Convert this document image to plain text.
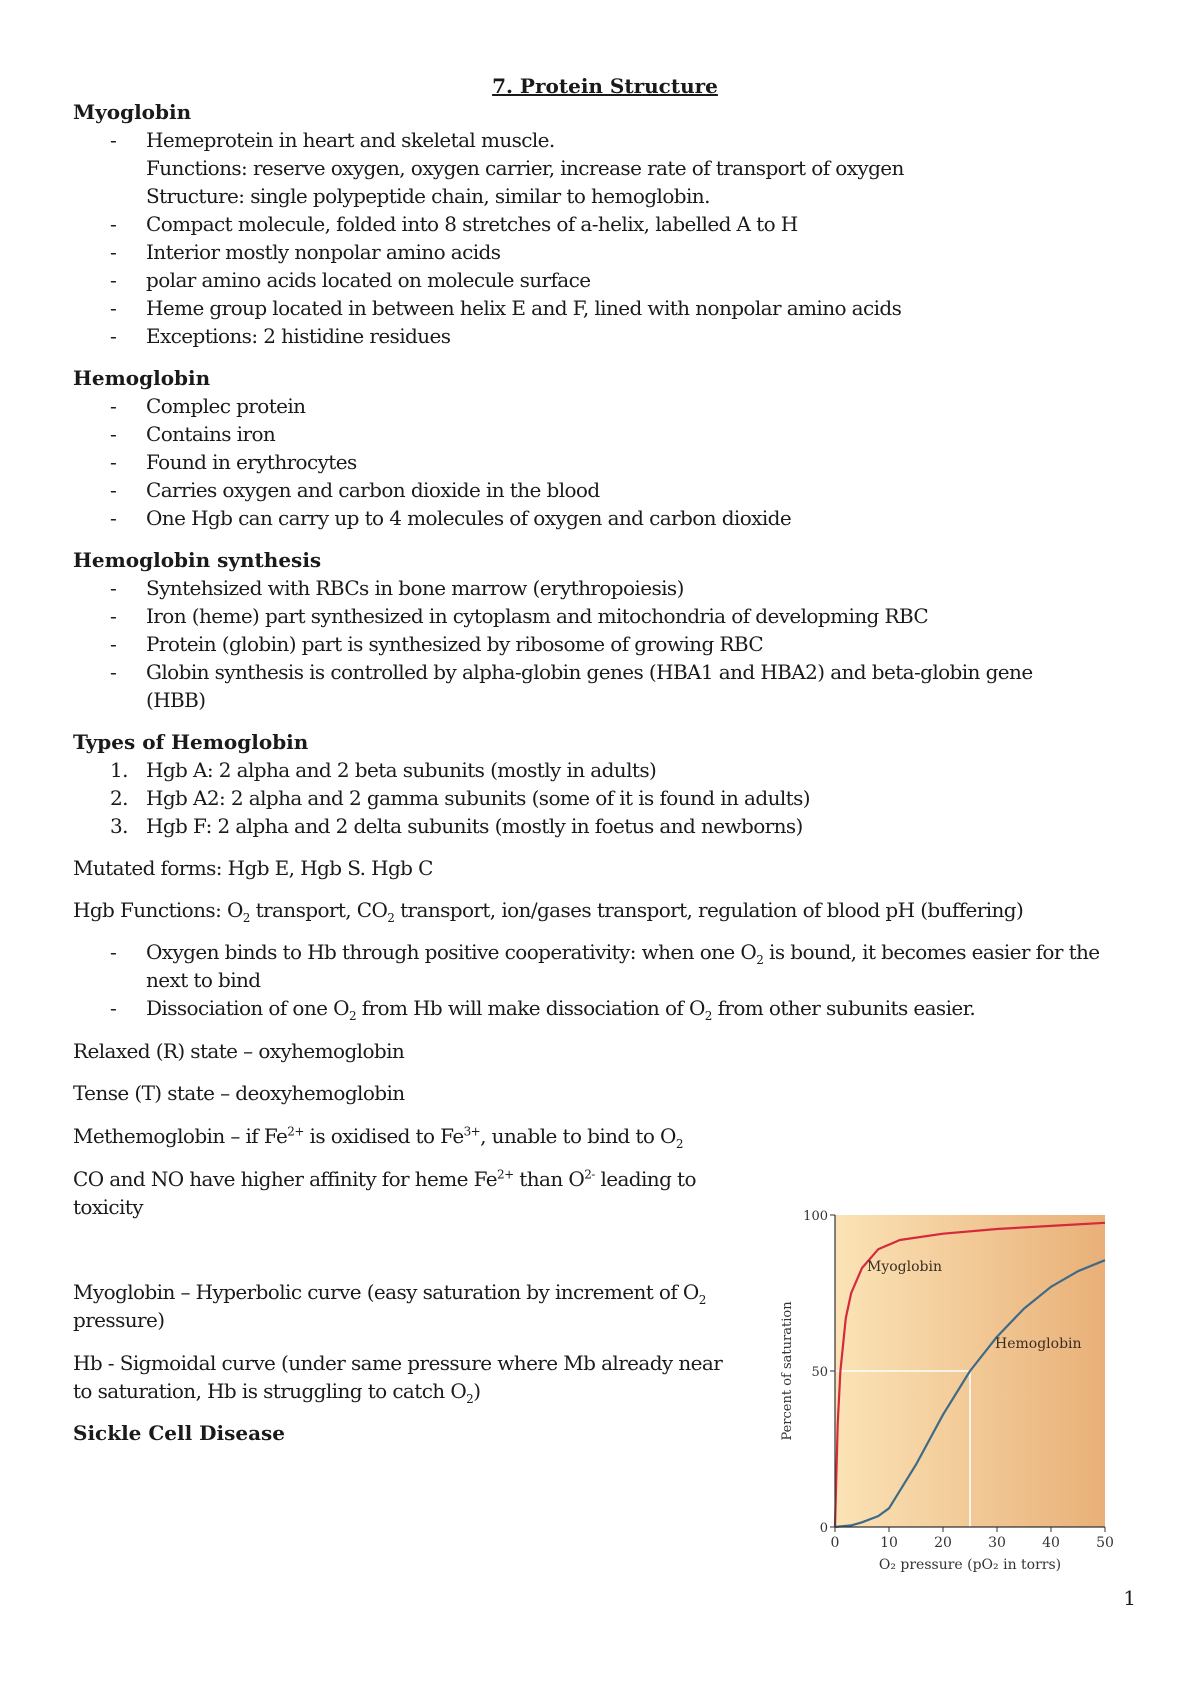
7. Protein Structure
Myoglobin
-	Hemeprotein in heart and skeletal muscle.
Functions: reserve oxygen, oxygen carrier, increase rate of transport of oxygen
Structure: single polypeptide chain, similar to hemoglobin.
-	Compact molecule, folded into 8 stretches of a-helix, labelled A to H
-	Interior mostly nonpolar amino acids
-	polar amino acids located on molecule surface
-	Heme group located in between helix E and F, lined with nonpolar amino acids
-	Exceptions: 2 histidine residues
Hemoglobin
-	Complec protein
-	Contains iron
-	Found in erythrocytes
-	Carries oxygen and carbon dioxide in the blood
-	One Hgb can carry up to 4 molecules of oxygen and carbon dioxide
Hemoglobin synthesis
-	Syntehsized with RBCs in bone marrow (erythropoiesis)
-	Iron (heme) part synthesized in cytoplasm and mitochondria of developming RBC
-	Protein (globin) part is synthesized by ribosome of growing RBC
-	Globin synthesis is controlled by alpha-globin genes (HBA1 and HBA2) and beta-globin gene
(HBB)
Types of Hemoglobin
1. Hgb A: 2 alpha and 2 beta subunits (mostly in adults)
2. Hgb A2: 2 alpha and 2 gamma subunits (some of it is found in adults)
3. Hgb F: 2 alpha and 2 delta subunits (mostly in foetus and newborns)
Mutated forms: Hgb E, Hgb S. Hgb C
Hgb Functions: $O_2$ transport, $CO_2$ transport, ion/gases transport, regulation of blood pH (buffering)
-	Oxygen binds to Hb through positive cooperativity: when one $O_2$ is bound, it becomes easier for the
next to bind
-	Dissociation of one $O_2$ from Hb will make dissociation of $O_2$ from other subunits easier.
Relaxed (R) state – oxyhemoglobin
Tense (T) state – deoxyhemoglobin
Methemoglobin – if $Fe^{2+}$ is oxidised to $Fe^{3+}$, unable to bind to $O_2$
CO and NO have higher affinity for heme $Fe^{2+}$ than $O^{2-}$ leading to
toxicity
Myoglobin – Hyperbolic curve (easy saturation by increment of $O_2$
pressure)
Hb - Sigmoidal curve (under same pressure where Mb already near
to saturation, Hb is struggling to catch $O_2$)
Sickle Cell Disease
0	10	20	30	40	50
0
50
100
Myoglobin
Hemoglobin
Percent of saturation
O₂ pressure (pO₂ in torrs)
1
